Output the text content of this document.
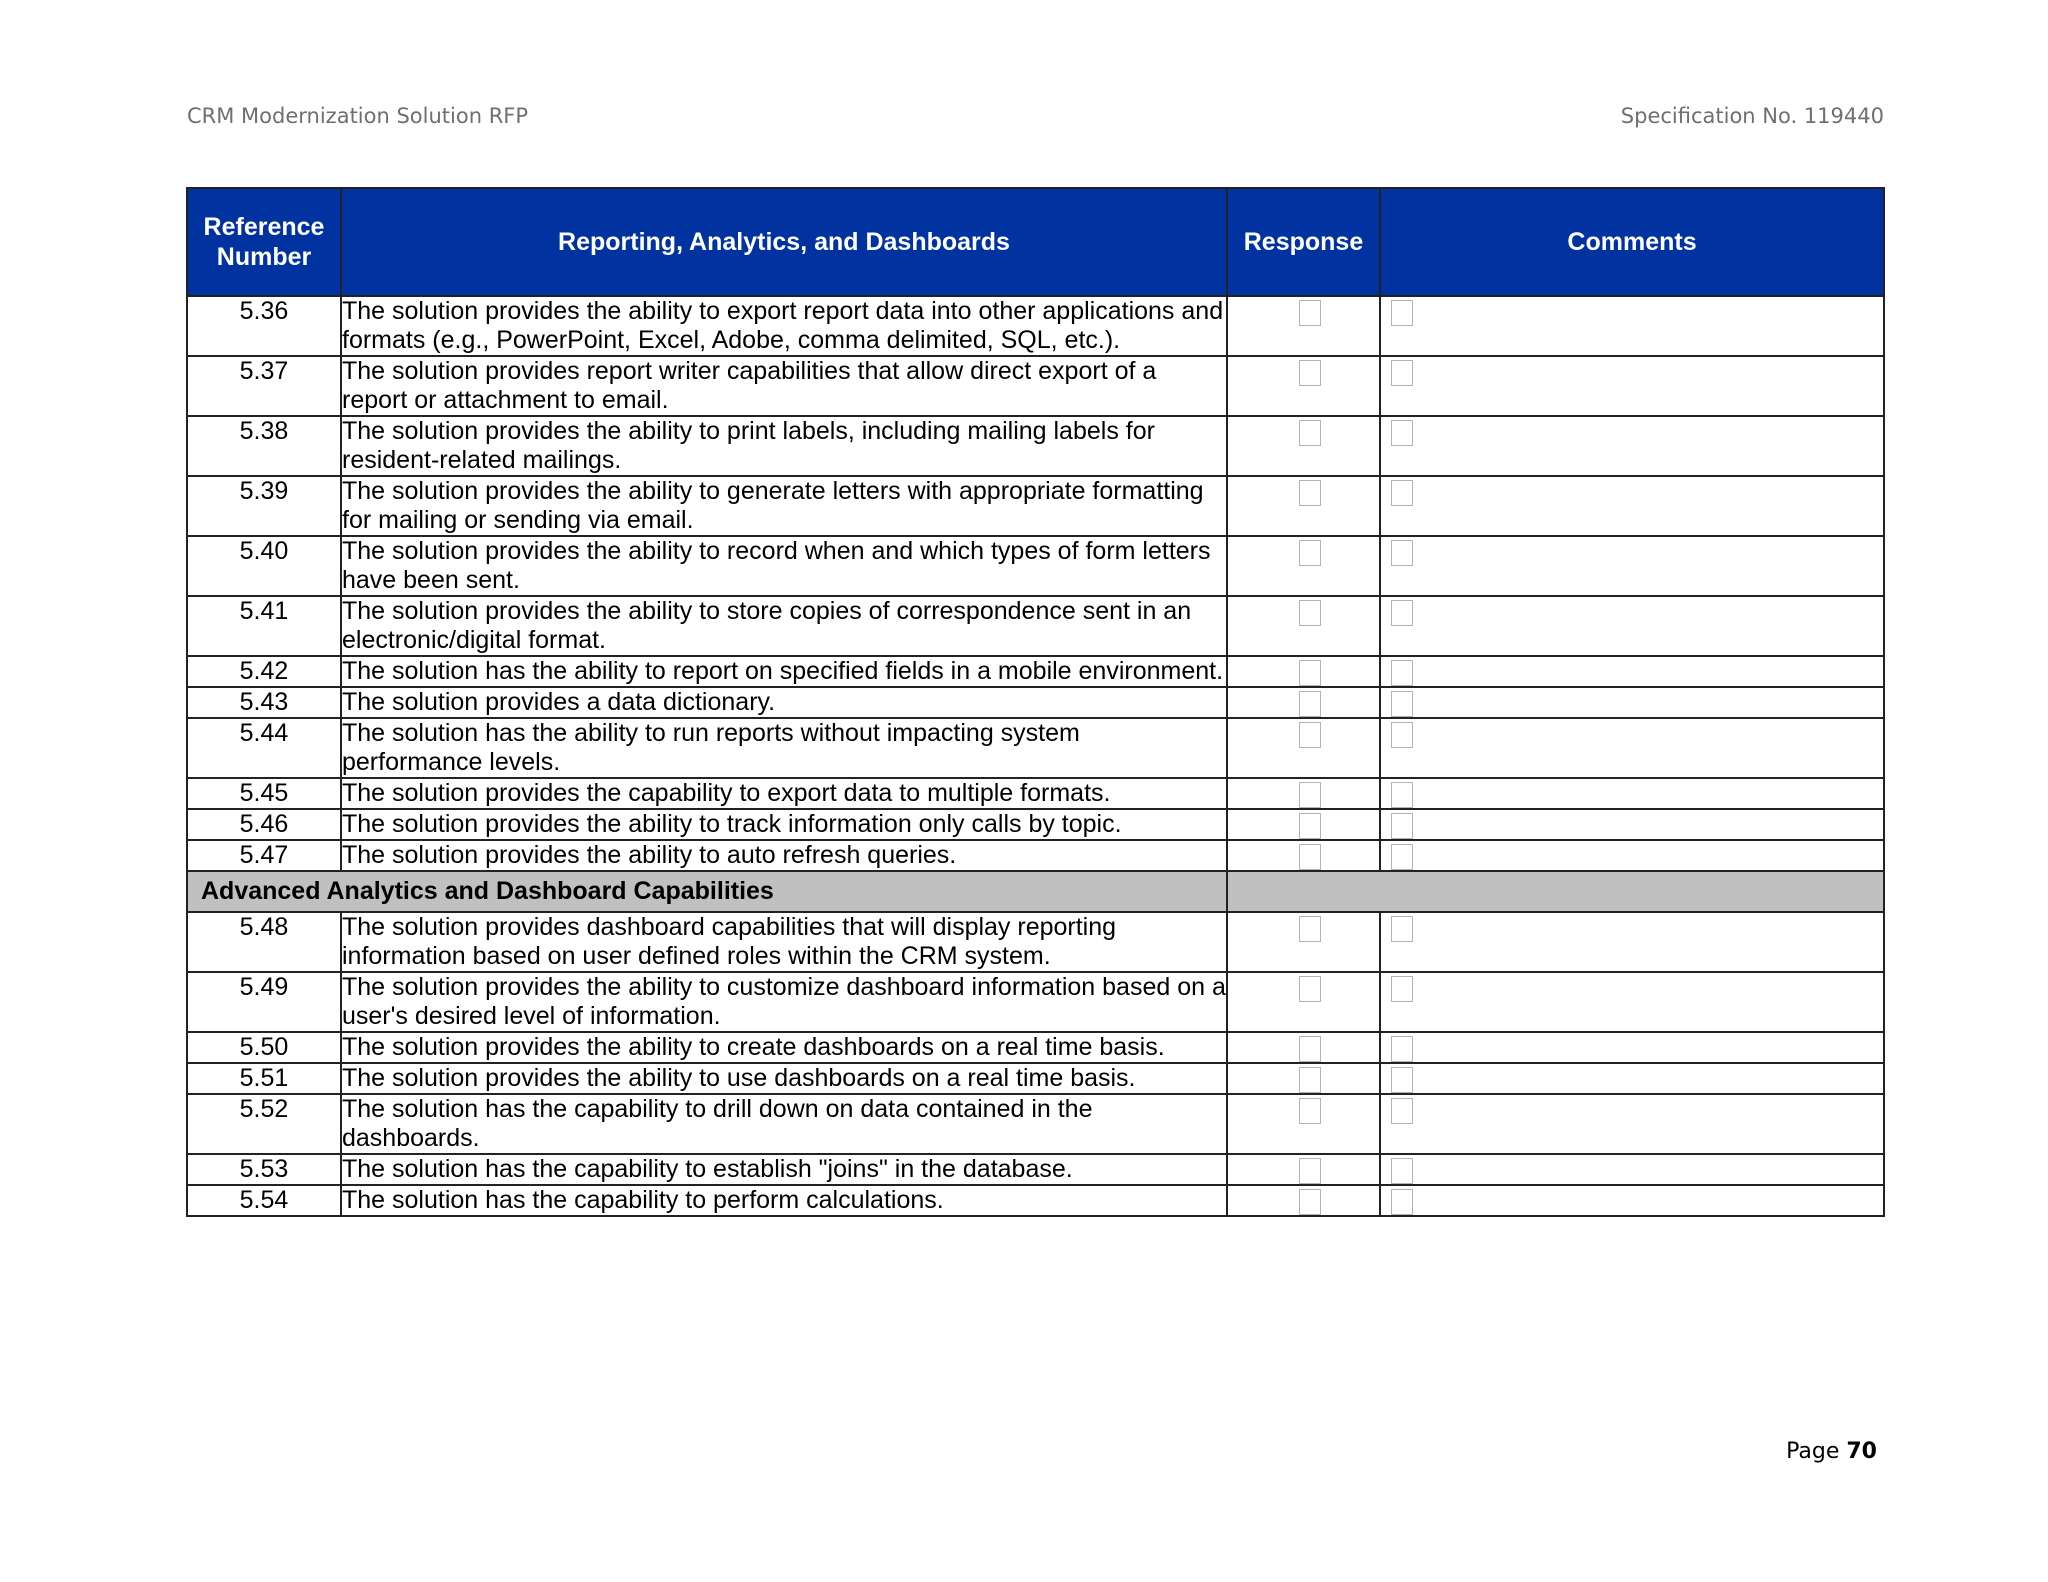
CRM Modernization Solution RFP	Specification No. 119440
Reference Number	Reporting, Analytics, and Dashboards	Response	Comments
5.36	The solution provides the ability to export report data into other applications and formats (e.g., PowerPoint, Excel, Adobe, comma delimited, SQL, etc.).	

5.37	The solution provides report writer capabilities that allow direct export of a report or attachment to email.	

5.38	The solution provides the ability to print labels, including mailing labels for resident-related mailings.	

5.39	The solution provides the ability to generate letters with appropriate formatting for mailing or sending via email.	

5.40	The solution provides the ability to record when and which types of form letters have been sent.	

5.41	The solution provides the ability to store copies of correspondence sent in an electronic/digital format.	

5.42	The solution has the ability to report on specified fields in a mobile environment.	

5.43	The solution provides a data dictionary.	

5.44	The solution has the ability to run reports without impacting system performance levels.	

5.45	The solution provides the capability to export data to multiple formats.	

5.46	The solution provides the ability to track information only calls by topic.	

5.47	The solution provides the ability to auto refresh queries.	

Advanced Analytics and Dashboard Capabilities			
5.48	The solution provides dashboard capabilities that will display reporting information based on user defined roles within the CRM system.	

5.49	The solution provides the ability to customize dashboard information based on a user's desired level of information.	

5.50	The solution provides the ability to create dashboards on a real time basis.	

5.51	The solution provides the ability to use dashboards on a real time basis.	

5.52	The solution has the capability to drill down on data contained in the dashboards.	

5.53	The solution has the capability to establish "joins" in the database.	

5.54	The solution has the capability to perform calculations.	

Page 70
